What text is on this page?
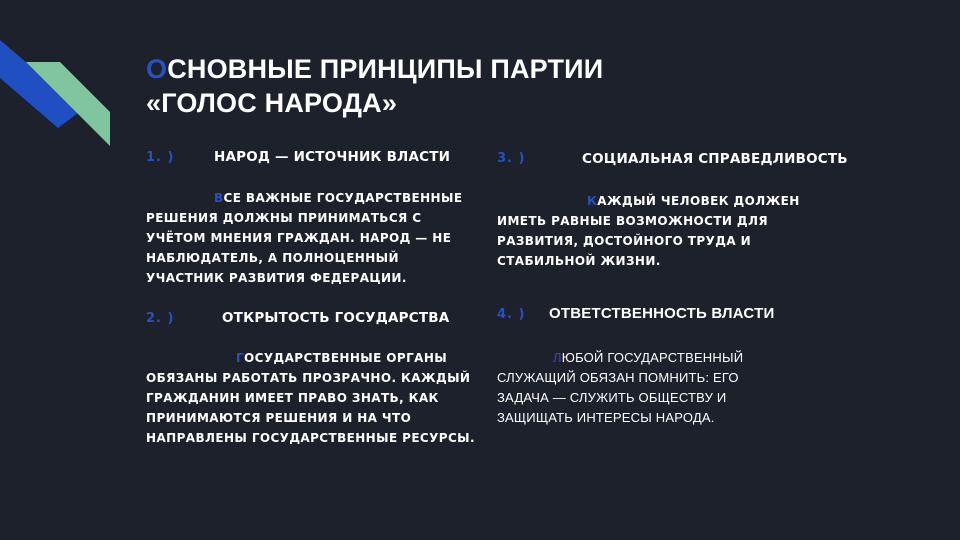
ОСНОВНЫЕ ПРИНЦИПЫ ПАРТИИ
«ГОЛОС НАРОДА»
1. )	НАРОД — ИСТОЧНИК ВЛАСТИ
ВСЕ ВАЖНЫЕ ГОСУДАРСТВЕННЫЕ РЕШЕНИЯ ДОЛЖНЫ ПРИНИМАТЬСЯ С УЧЁТОМ МНЕНИЯ ГРАЖДАН. НАРОД — НЕ НАБЛЮДАТЕЛЬ, А ПОЛНОЦЕННЫЙ УЧАСТНИК РАЗВИТИЯ ФЕДЕРАЦИИ.
2. )	ОТКРЫТОСТЬ ГОСУДАРСТВА
ГОСУДАРСТВЕННЫЕ ОРГАНЫ ОБЯЗАНЫ РАБОТАТЬ ПРОЗРАЧНО. КАЖДЫЙ ГРАЖДАНИН ИМЕЕТ ПРАВО ЗНАТЬ, КАК ПРИНИМАЮТСЯ РЕШЕНИЯ И НА ЧТО НАПРАВЛЕНЫ ГОСУДАРСТВЕННЫЕ РЕСУРСЫ.
3. )	СОЦИАЛЬНАЯ СПРАВЕДЛИВОСТЬ
КАЖДЫЙ ЧЕЛОВЕК ДОЛЖЕН ИМЕТЬ РАВНЫЕ ВОЗМОЖНОСТИ ДЛЯ РАЗВИТИЯ, ДОСТОЙНОГО ТРУДА И СТАБИЛЬНОЙ ЖИЗНИ.
4. ) ОТВЕТСТВЕННОСТЬ ВЛАСТИ
ЛЮБОЙ ГОСУДАРСТВЕННЫЙ СЛУЖАЩИЙ ОБЯЗАН ПОМНИТЬ: ЕГО ЗАДАЧА — СЛУЖИТЬ ОБЩЕСТВУ И ЗАЩИЩАТЬ ИНТЕРЕСЫ НАРОДА.
